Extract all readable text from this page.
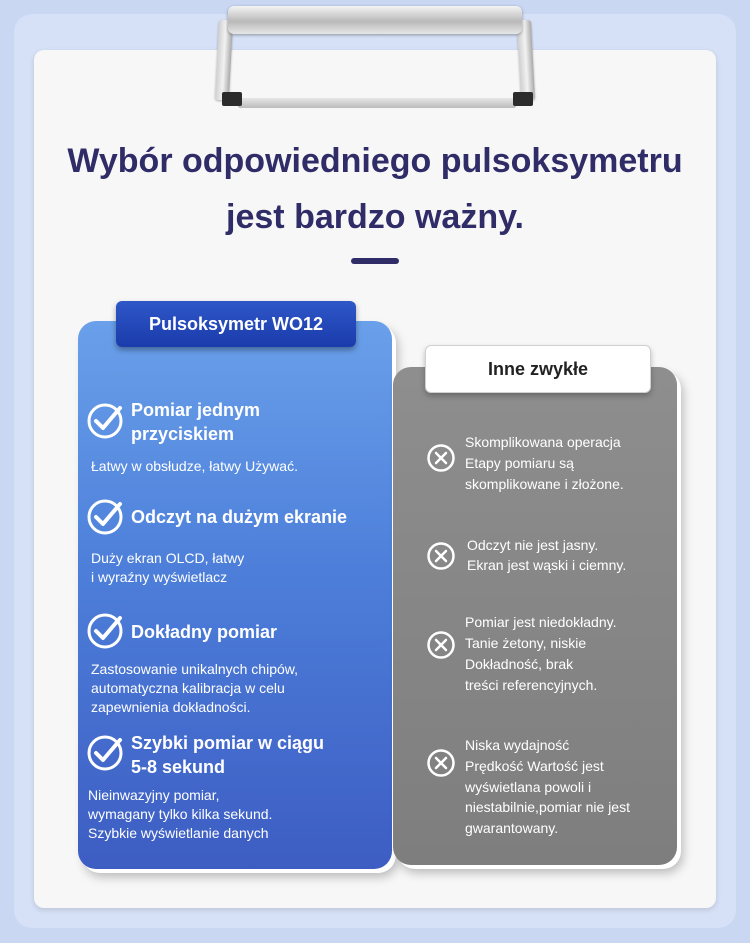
Wybór odpowiedniego pulsoksymetru
jest bardzo ważny.
Pulsoksymetr WO12
Inne zwykłe
Pomiar jednym
przyciskiem
Łatwy w obsłudze, łatwy Używać.
Odczyt na dużym ekranie
Duży ekran OLCD, łatwy
i wyraźny wyświetlacz
Dokładny pomiar
Zastosowanie unikalnych chipów,
automatyczna kalibracja w celu
zapewnienia dokładności.
Szybki pomiar w ciągu
5-8 sekund
Nieinwazyjny pomiar,
wymagany tylko kilka sekund.
Szybkie wyświetlanie danych
Skomplikowana operacja
Etapy pomiaru są
skomplikowane i złożone.
Odczyt nie jest jasny.
Ekran jest wąski i ciemny.
Pomiar jest niedokładny.
Tanie żetony, niskie
Dokładność, brak
treści referencyjnych.
Niska wydajność
Prędkość Wartość jest
wyświetlana powoli i
niestabilnie,pomiar nie jest
gwarantowany.
